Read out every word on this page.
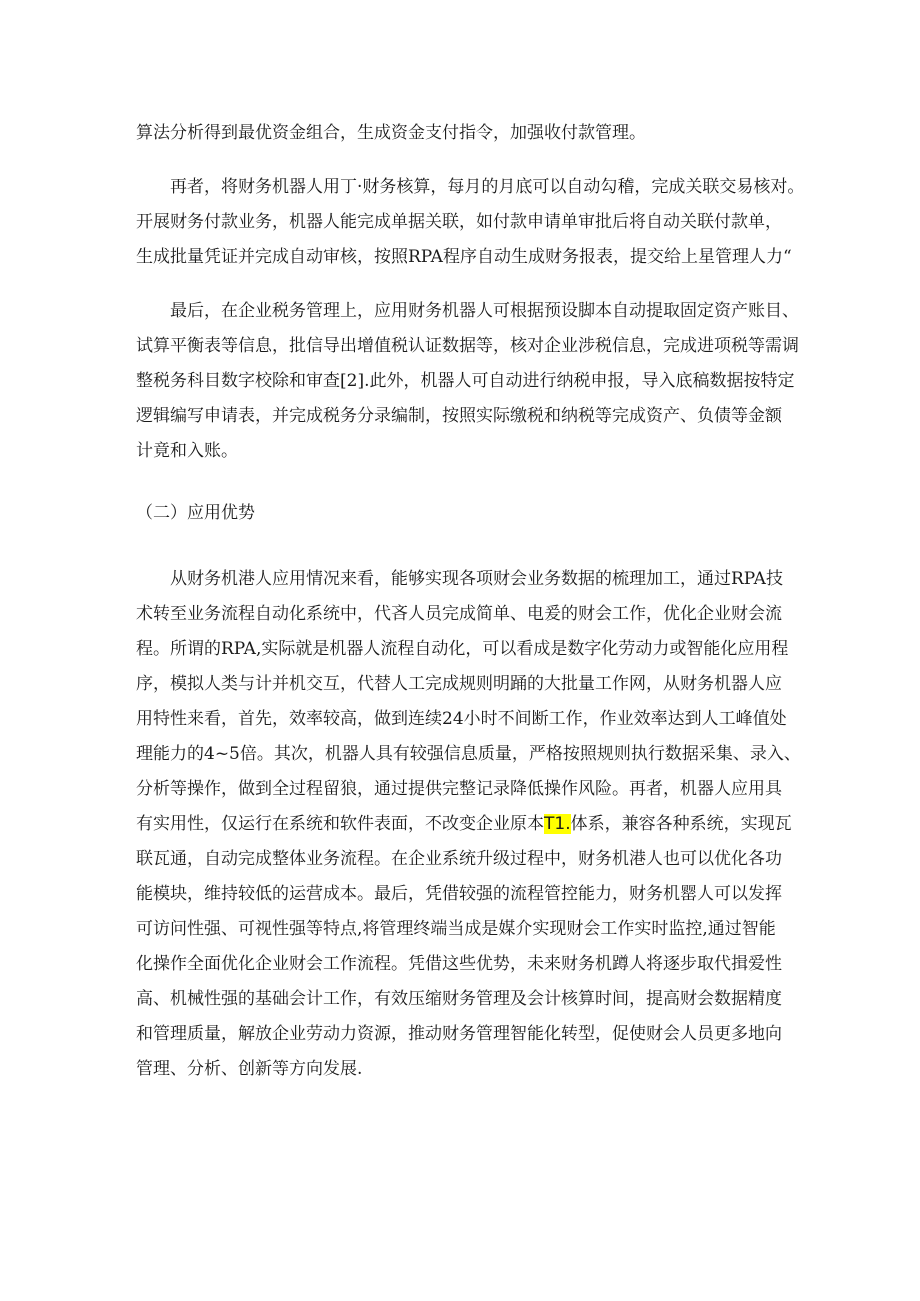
算法分析得到最优资金组合，生成资金支付指令，加强收付款管理。

再者，将财务机器人用丁·财务核算，每月的月底可以自动勾稽，完成关联交易核对。
开展财务付款业务，机器人能完成单据关联，如付款申请单审批后将自动关联付款单，
生成批量凭证并完成自动审核，按照RPA程序自动生成财务报表，提交给上星管理人力“

最后，在企业税务管理上，应用财务机器人可根据预设脚本自动提取固定资产账目、
试算平衡表等信息，批信导出增值税认证数据等，核对企业涉税信息，完成进项税等需调
整税务科目数字校除和审查[2].此外，机器人可自动进行纳税申报，导入底稿数据按特定
逻辑编写申请表，并完成税务分录编制，按照实际缴税和纳税等完成资产、负债等金额
计竟和入账。

（二）应用优势

从财务机港人应用情况来看，能够实现各项财会业务数据的梳理加工，通过RPA技
术转至业务流程自动化系统中，代吝人员完成简单、电爰的财会工作，优化企业财会流
程。所谓的RPA,实际就是机器人流程自动化，可以看成是数字化劳动力或智能化应用程
序，模拟人类与计并机交互，代替人工完成规则明踊的大批量工作网，从财务机器人应
用特性来看，首先，效率较高，做到连续24小时不间断工作，作业效率达到人工峰值处
理能力的4~5倍。其次，机器人具有较强信息质量，严格按照规则执行数据采集、录入、
分析等操作，做到全过程留狼，通过提供完整记录降低操作风险。再者，机器人应用具
有实用性，仅运行在系统和软件表面，不改变企业原本T1.体系，兼容各种系统，实现瓦
联瓦通，自动完成整体业务流程。在企业系统升级过程中，财务机港人也可以优化各功
能模块，维持较低的运营成本。最后，凭借较强的流程管控能力，财务机罂人可以发挥
可访问性强、可视性强等特点,将管理终端当成是媒介实现财会工作实时监控,通过智能
化操作全面优化企业财会工作流程。凭借这些优势，未来财务机蹲人将逐步取代揖爱性
高、机械性强的基础会计工作，有效压缩财务管理及会计核算时间，提高财会数据精度
和管理质量，解放企业劳动力资源，推动财务管理智能化转型，促使财会人员更多地向
管理、分析、创新等方向发展.
